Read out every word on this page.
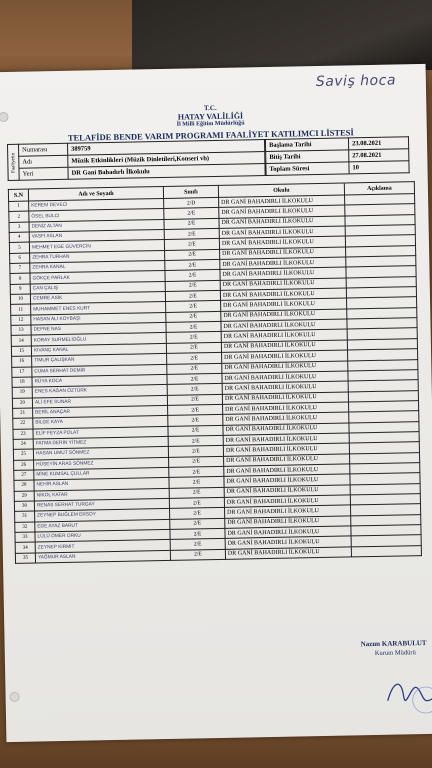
Saviş hoca
T.C.
HATAY VALİLİĞİ
İl Milli Eğitim Müdürlüğü
TELAFİDE BENDE VARIM PROGRAMI FAALİYET KATILIMCI LİSTESİ
Faaliyetin	Numarası	389759
	Adı	Müzik Etkinlikleri (Müzik Dinletileri,Konseri vb)
	Yeri	DR Gani Bahadırlı İlkokulu
Başlama Tarihi	23.08.2021
Bitiş Tarihi	27.08.2021
Toplam Süresi	10
S.N	Adı ve Soyadı	Sınıfı	Okulu	Açıklama
1	KEREM DEVECİ	2/D	DR GANİ BAHADIRLI İLKOKULU	
2	ÖSEL BULCI	2/E	DR GANİ BAHADIRLI İLKOKULU	
3	DENİZ ALTAN	2/E	DR GANİ BAHADIRLI İLKOKULU	
4	VASFİ ASLAN	2/E	DR GANİ BAHADIRLI İLKOKULU	
5	MEHMET EGE GÜVERCİN	2/E	DR GANİ BAHADIRLI İLKOKULU	
6	ZEHRA TURHAN	2/E	DR GANİ BAHADIRLI İLKOKULU	
7	ZEHRA KANAL	2/E	DR GANİ BAHADIRLI İLKOKULU	
8	GÖKÇE PARLAK	2/E	DR GANİ BAHADIRLI İLKOKULU	
9	CAN ÇALIŞ	2/E	DR GANİ BAHADIRLI İLKOKULU	
10	CEMRE ASİK	2/E	DR GANİ BAHADIRLI İLKOKULU	
11	MUHAMMET ENES KURT	2/E	DR GANİ BAHADIRLI İLKOKULU	
12	HASAN ALİ KOYBAŞI	2/E	DR GANİ BAHADIRLI İLKOKULU	
13	DEFNE NAS	2/E	DR GANİ BAHADIRLI İLKOKULU	
14	KORAY SURMELİOĞLU	2/E	DR GANİ BAHADIRLI İLKOKULU	
15	KIVANÇ KANAL	2/E	DR GANİ BAHADIRLI İLKOKULU	
16	TİMUR ÇALIŞKAN	2/E	DR GANİ BAHADIRLI İLKOKULU	
17	CUMA SERHAT DEMİR	2/E	DR GANİ BAHADIRLI İLKOKULU	
18	RÜYA KOCA	2/E	DR GANİ BAHADIRLI İLKOKULU	
19	ENES KAĞAN ÖZTÜRK	2/E	DR GANİ BAHADIRLI İLKOKULU	
20	ALİ EFE SUNAR	2/E	DR GANİ BAHADIRLI İLKOKULU	
21	BERİL ANAÇAR	2/E	DR GANİ BAHADIRLI İLKOKULU	
22	BİLGE KAYA	2/E	DR GANİ BAHADIRLI İLKOKULU	
23	ELİF FEYZA POLAT	2/E	DR GANİ BAHADIRLI İLKOKULU	
24	FATMA DERİN YİTMEZ	2/E	DR GANİ BAHADIRLI İLKOKULU	
25	HASAN UMUT SÖNMEZ	2/E	DR GANİ BAHADIRLI İLKOKULU	
26	HÜSEYİN ARAS SÖNMEZ	2/E	DR GANİ BAHADIRLI İLKOKULU	
27	MİNE KUMSAL ÇULLAR	2/E	DR GANİ BAHADIRLI İLKOKULU	
28	NEHİR ASLAN	2/E	DR GANİ BAHADIRLI İLKOKULU	
29	NİKOL KATAR	2/E	DR GANİ BAHADIRLI İLKOKULU	
30	RENAS SERHAT TURGAY	2/E	DR GANİ BAHADIRLI İLKOKULU	
31	ZEYNEP BUĞLEM ERSOY	2/E	DR GANİ BAHADIRLI İLKOKULU	
32	EGE AYAZ BARUT	2/E	DR GANİ BAHADIRLI İLKOKULU	
33	LÜLÜ ÖMER ORKU	2/E	DR GANİ BAHADIRLI İLKOKULU	
34	ZEYNEP KIRMIT	2/E	DR GANİ BAHADIRLI İLKOKULU	
35	YAĞMUR ASLAN	2/E	DR GANİ BAHADIRLI İLKOKULU	
Nazım KARABULUT
Kurum Müdürü
